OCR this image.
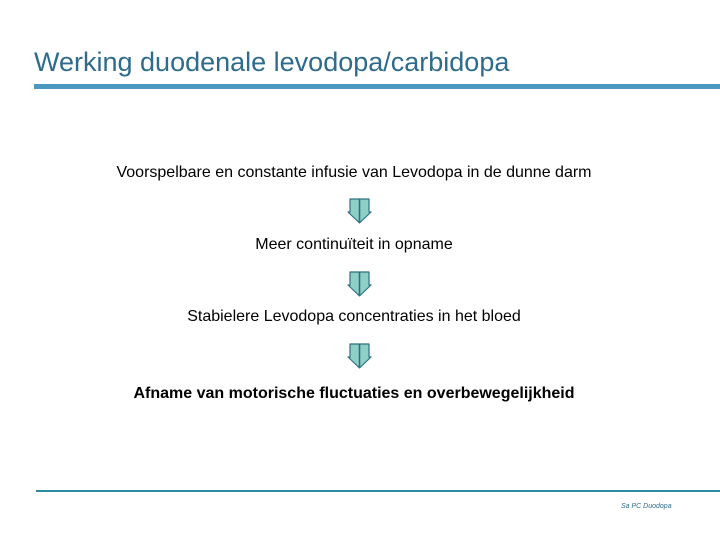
Werking duodenale levodopa/carbidopa
Voorspelbare en constante infusie van Levodopa in de dunne darm
Meer continuïteit in opname
Stabielere Levodopa concentraties in het bloed
Afname van motorische fluctuaties en overbewegelijkheid
Sa PC Duodopa
